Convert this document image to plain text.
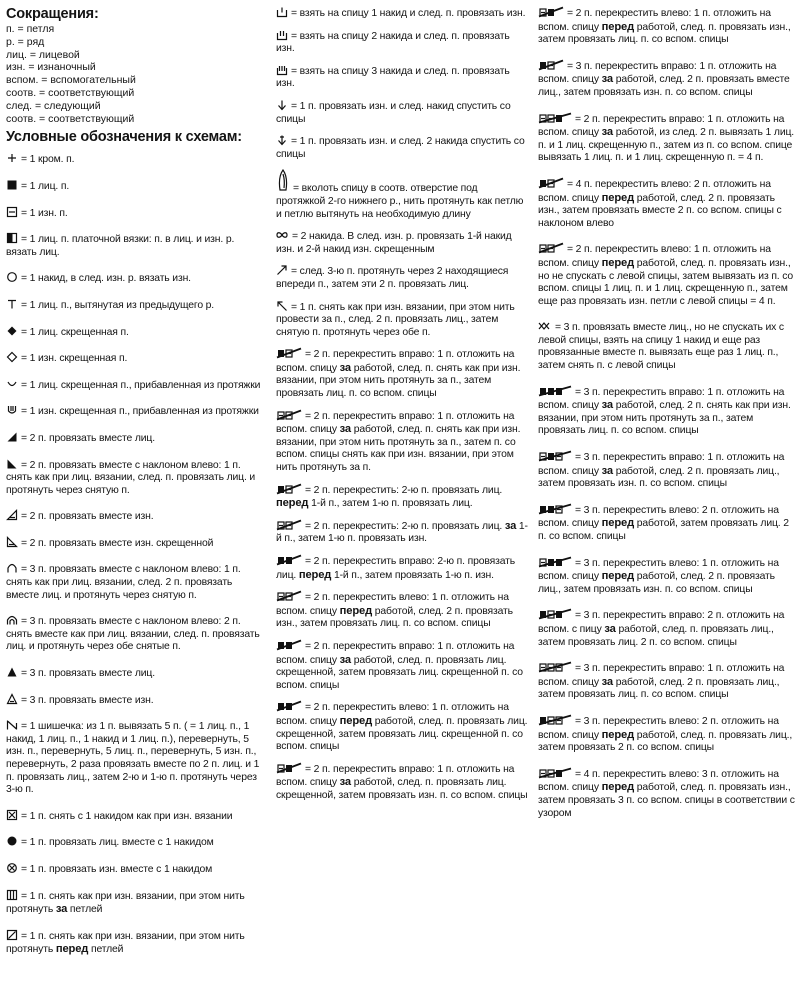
Сокращения:
п. = петля
р. = ряд
лиц. = лицевой
изн. = изнаночный
вспом. = вспомогательный
соотв. = соответствующий
след. = следующий
соотв. = соответствующий
Условные обозначения к схемам:

= 1 кром. п.

= 1 лиц. п.

= 1 изн. п.

= 1 лиц. п. платочной вязки: п. в лиц. и изн. р. вязать лиц.

= 1 накид, в след. изн. р. вязать изн.

= 1 лиц. п., вытянутая из предыдущего р.

= 1 лиц. скрещенная п.

= 1 изн. скрещенная п.

= 1 лиц. скрещенная п., прибавленная из протяжки

= 1 изн. скрещенная п., прибавленная из протяжки

= 2 п. провязать вместе лиц.

= 2 п. провязать вместе с наклоном влево: 1 п. снять как при лиц. вязании, след. п. провязать лиц. и протянуть через снятую п.

= 2 п. провязать вместе изн.

= 2 п. провязать вместе изн. скрещенной

= 3 п. провязать вместе с наклоном влево: 1 п. снять как при лиц. вязании, след. 2 п. провязать вместе лиц. и протянуть через снятую п.

= 3 п. провязать вместе с наклоном влево: 2 п. снять вместе как при лиц. вязании, след. п. провязать лиц. и протянуть через обе снятые п.

= 3 п. провязать вместе лиц.

= 3 п. провязать вместе изн.

= 1 шишечка: из 1 п. вывязать 5 п. ( = 1 лиц. п., 1 накид, 1 лиц. п., 1 накид и 1 лиц. п.), перевернуть, 5 изн. п., перевернуть, 5 лиц. п., перевернуть, 5 изн. п., перевернуть, 2 раза провязать вместе по 2 п. лиц. и 1 п. провязать лиц., затем 2-ю и 1-ю п. протянуть через 3-ю п.

= 1 п. снять с 1 накидом как при изн. вязании

= 1 п. провязать лиц. вместе с 1 накидом

= 1 п. провязать изн. вместе с 1 накидом

= 1 п. снять как при изн. вязании, при этом нить протянуть за петлей

= 1 п. снять как при изн. вязании, при этом нить протянуть перед петлей

= взять на спицу 1 накид и след. п. провязать изн.

= взять на спицу 2 накида и след. п. провязать изн.

= взять на спицу 3 накида и след. п. провязать изн.

= 1 п. провязать изн. и след. накид спустить со спицы

= 1 п. провязать изн. и след. 2 накида спустить со спицы

= вколоть спицу в соотв. отверстие под протяжкой 2-го нижнего р., нить протянуть как петлю и петлю вытянуть на необходимую длину

= 2 накида. В след. изн. р. провязать 1-й накид изн. и 2-й накид изн. скрещенным

= след. 3-ю п. протянуть через 2 находящиеся впереди п., затем эти 2 п. провязать лиц.

= 1 п. снять как при изн. вязании, при этом нить провести за п., след. 2 п. провязать лиц., затем снятую п. протянуть через обе п.

= 2 п. перекрестить вправо: 1 п. отложить на вспом. спицу за работой, след. п. снять как при изн. вязании, при этом нить протянуть за п., затем провязать лиц. п. со вспом. спицы

= 2 п. перекрестить вправо: 1 п. отложить на вспом. спицу за работой, след. п. снять как при изн. вязании, при этом нить протянуть за п., затем п. со вспом. спицы снять как при изн. вязании, при этом нить протянуть за п.

= 2 п. перекрестить: 2-ю п. провязать лиц. перед 1-й п., затем 1-ю п. провязать лиц.

= 2 п. перекрестить: 2-ю п. провязать лиц. за 1-й п., затем 1-ю п. провязать изн.

= 2 п. перекрестить вправо: 2-ю п. провязать лиц. перед 1-й п., затем провязать 1-ю п. изн.

= 2 п. перекрестить влево: 1 п. отложить на вспом. спицу перед работой, след. 2 п. провязать изн., затем провязать лиц. п. со вспом. спицы

= 2 п. перекрестить вправо: 1 п. отложить на вспом. спицу за работой, след. п. провязать лиц. скрещенной, затем провязать лиц. скрещенной п. со вспом. спицы

= 2 п. перекрестить влево: 1 п. отложить на вспом. спицу перед работой, след. п. провязать лиц. скрещенной, затем провязать лиц. скрещенной п. со вспом. спицы

= 2 п. перекрестить вправо: 1 п. отложить на вспом. спицу за работой, след. п. провязать лиц. скрещенной, затем провязать изн. п. со вспом. спицы

= 2 п. перекрестить влево: 1 п. отложить на вспом. спицу перед работой, след. п. провязать изн., затем провязать лиц. п. со вспом. спицы

= 3 п. перекрестить вправо: 1 п. отложить на вспом. спицу за работой, след. 2 п. провязать вместе лиц., затем провязать изн. п. со вспом. спицы

= 2 п. перекрестить вправо: 1 п. отложить на вспом. спицу за работой, из след. 2 п. вывязать 1 лиц. п. и 1 лиц. скрещенную п., затем из п. со вспом. спице вывязать 1 лиц. п. и 1 лиц. скрещенную п. = 4 п.

= 4 п. перекрестить влево: 2 п. отложить на вспом. спицу перед работой, след. 2 п. провязать изн., затем провязать вместе 2 п. со вспом. спицы с наклоном влево

= 2 п. перекрестить влево: 1 п. отложить на вспом. спицу перед работой, след. п. провязать изн., но не спускать с левой спицы, затем вывязать из п. со вспом. спицы 1 лиц. п. и 1 лиц. скрещенную п., затем еще раз провязать изн. петли с левой спицы = 4 п.

= 3 п. провязать вместе лиц., но не спускать их с левой спицы, взять на спицу 1 накид и еще раз провязанные вместе п. вывязать еще раз 1 лиц. п., затем снять п. с левой спицы

= 3 п. перекрестить вправо: 1 п. отложить на вспом. спицу за работой, след. 2 п. снять как при изн. вязании, при этом нить протянуть за п., затем провязать лиц. п. со вспом. спицы

= 3 п. перекрестить вправо: 1 п. отложить на вспом. спицу за работой, след. 2 п. провязать лиц., затем провязать изн. п. со вспом. спицы

= 3 п. перекрестить влево: 2 п. отложить на вспом. спицу перед работой, затем провязать лиц. 2 п. со вспом. спицы

= 3 п. перекрестить влево: 1 п. отложить на вспом. спицу перед работой, след. 2 п. провязать лиц., затем провязать изн. п. со вспом. спицы

= 3 п. перекрестить вправо: 2 п. отложить на вспом. с пицу за работой, след. п. провязать лиц., затем провязать лиц. 2 п. со вспом. спицы

= 3 п. перекрестить вправо: 1 п. отложить на вспом. спицу за работой, след. 2 п. провязать лиц., затем провязать лиц. п. со вспом. спицы

= 3 п. перекрестить влево: 2 п. отложить на вспом. спицу перед работой, след. п. провязать лиц., затем провязать 2 п. со вспом. спицы

= 4 п. перекрестить влево: 3 п. отложить на вспом. спицу перед работой, след. п. провязать изн., затем провязать 3 п. со вспом. спицы в соответствии с узором
